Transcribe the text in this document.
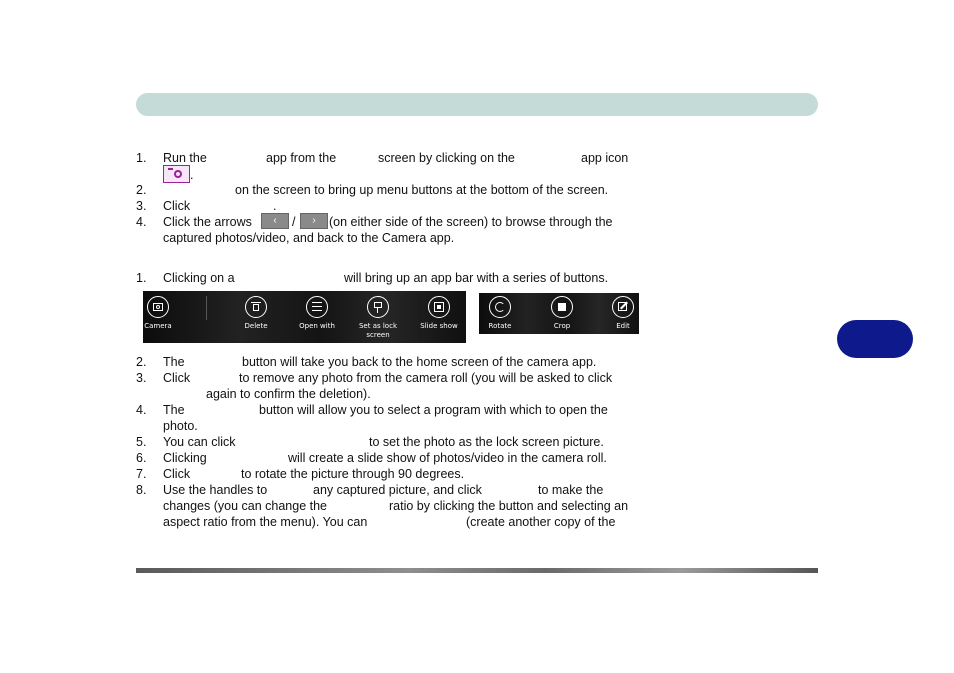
1. Run the	app from the	screen by clicking on the	app icon
.
2.	on the screen to bring up menu buttons at the bottom of the screen.
3. Click	.
4. Click the arrows	‹	/	›	(on either side of the screen) to browse through the
captured photos/video, and back to the Camera app.
1. Clicking on a	will bring up an app bar with a series of buttons.
Camera	Delete	Open with	Set as lock
screen
Slide show	Rotate	Crop	Edit
2. The	button will take you back to the home screen of the camera app.
3. Click	to remove any photo from the camera roll (you will be asked to click
again to confirm the deletion).
4. The	button will allow you to select a program with which to open the
photo.
5. You can click	to set the photo as the lock screen picture.
6. Clicking	will create a slide show of photos/video in the camera roll.
7. Click	to rotate the picture through 90 degrees.
8. Use the handles to	any captured picture, and click	to make the
changes (you can change the	ratio by clicking the button and selecting an
aspect ratio from the menu). You can	(create another copy of the
